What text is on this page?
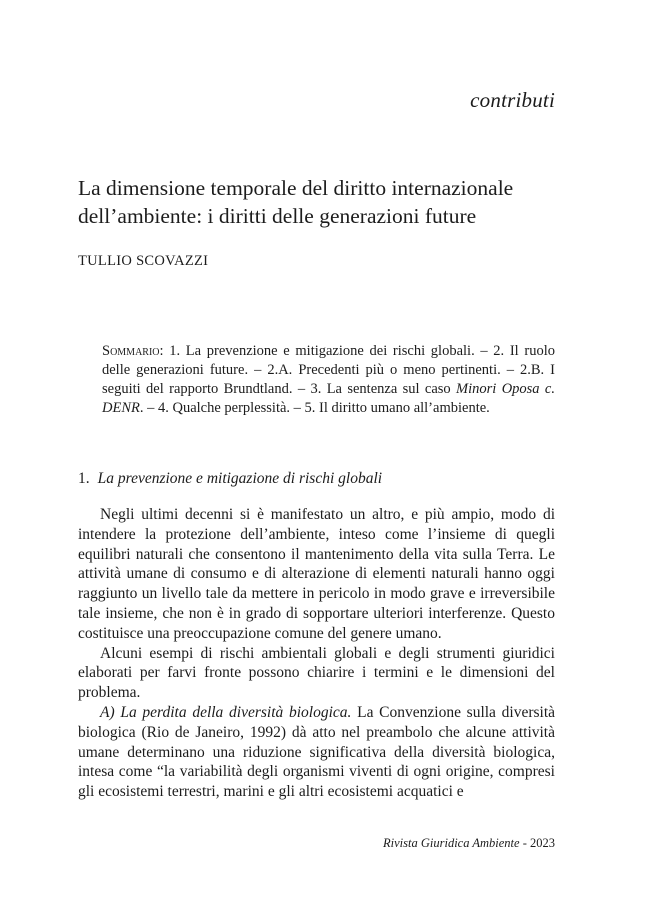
contributi
La dimensione temporale del diritto internazionale dell’ambiente: i diritti delle generazioni future
TULLIO SCOVAZZI

Sommario: 1. La prevenzione e mitigazione dei rischi globali. – 2. Il ruolo delle generazioni future. – 2.A. Precedenti più o meno pertinenti. – 2.B. I seguiti del rapporto Brundtland. – 3. La sentenza sul caso Minori Oposa c. DENR. – 4. Qualche perplessità. – 5. Il diritto umano all’ambiente.

1. La prevenzione e mitigazione di rischi globali

Negli ultimi decenni si è manifestato un altro, e più ampio, modo di intendere la protezione dell’ambiente, inteso come l’insieme di quegli equilibri naturali che consentono il mantenimento della vita sulla Terra. Le attività umane di consumo e di alterazione di elementi naturali hanno oggi raggiunto un livello tale da mettere in pericolo in modo grave e irreversibile tale insieme, che non è in grado di sopportare ulteriori interferenze. Questo costituisce una preoccupazione comune del genere umano.

Alcuni esempi di rischi ambientali globali e degli strumenti giuridici elaborati per farvi fronte possono chiarire i termini e le dimensioni del problema.

A) La perdita della diversità biologica. La Convenzione sulla diversità biologica (Rio de Janeiro, 1992) dà atto nel preambolo che alcune attività umane determinano una riduzione significativa della diversità biologica, intesa come “la variabilità degli organismi viventi di ogni origine, compresi gli ecosistemi terrestri, marini e gli altri ecosistemi acquatici e

Rivista Giuridica Ambiente - 2023
